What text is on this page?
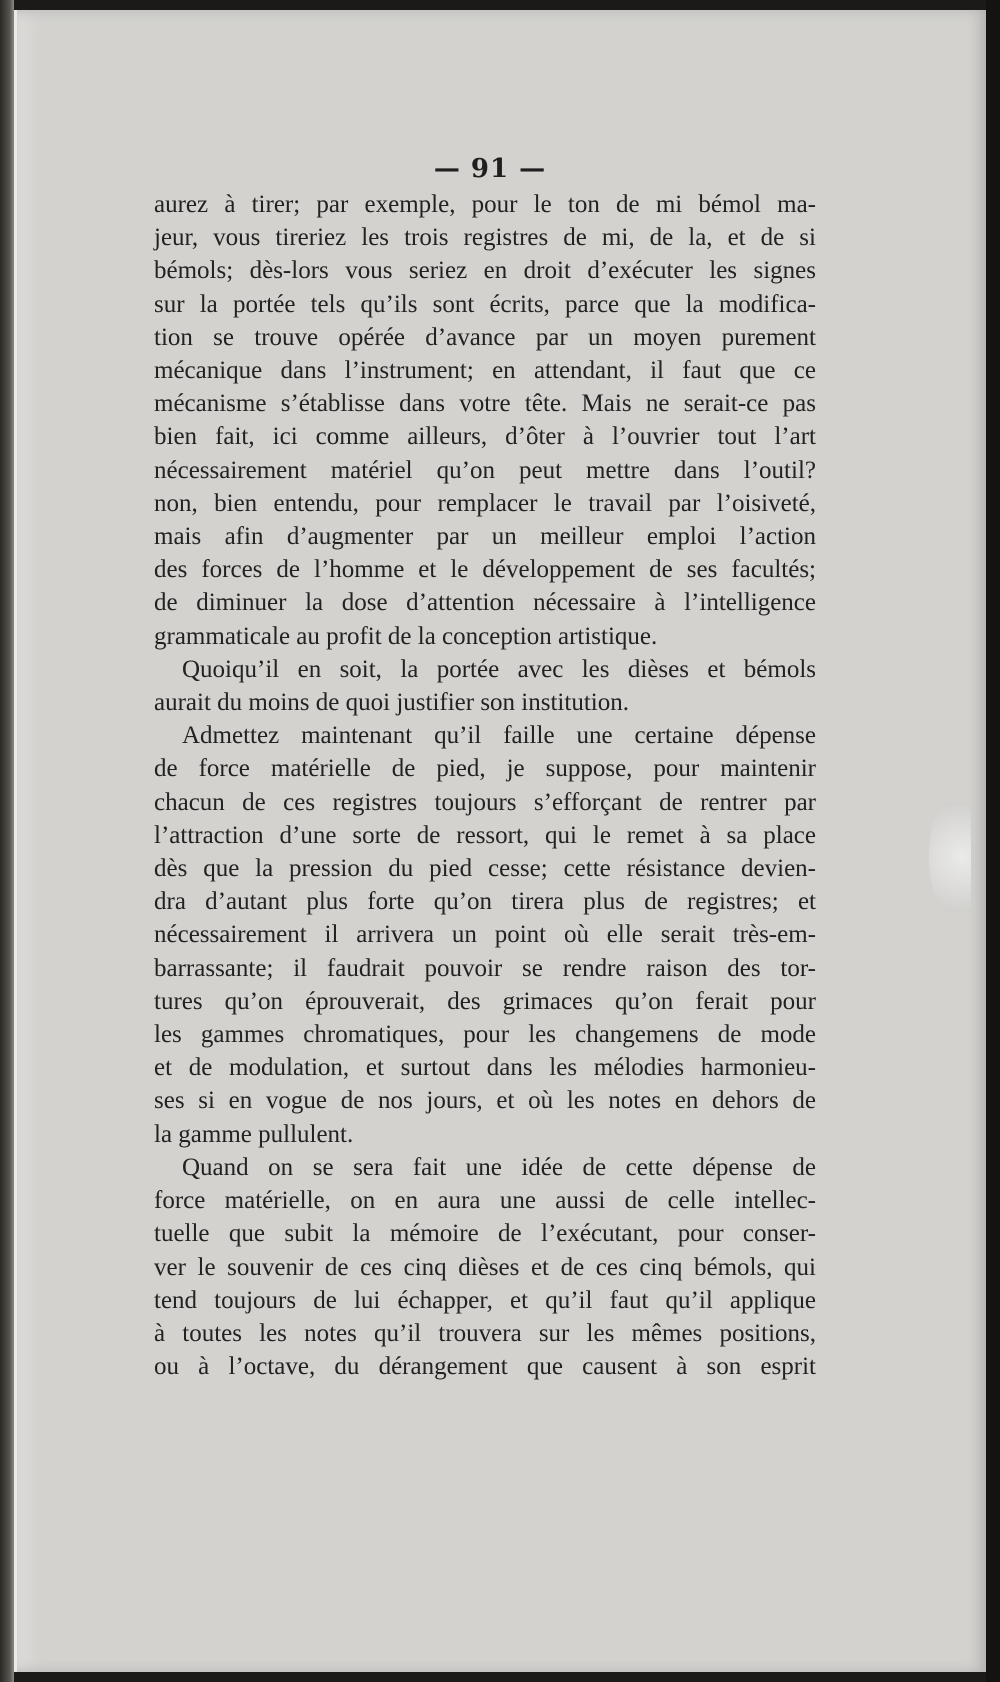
— 91 —
aurez à tirer; par exemple, pour le ton de mi bémol ma-
jeur, vous tireriez les trois registres de mi, de la, et de si
bémols; dès-lors vous seriez en droit d’exécuter les signes
sur la portée tels qu’ils sont écrits, parce que la modifica-
tion se trouve opérée d’avance par un moyen purement
mécanique dans l’instrument; en attendant, il faut que ce
mécanisme s’établisse dans votre tête. Mais ne serait-ce pas
bien fait, ici comme ailleurs, d’ôter à l’ouvrier tout l’art
nécessairement matériel qu’on peut mettre dans l’outil?
non, bien entendu, pour remplacer le travail par l’oisiveté,
mais afin d’augmenter par un meilleur emploi l’action
des forces de l’homme et le développement de ses facultés;
de diminuer la dose d’attention nécessaire à l’intelligence
grammaticale au profit de la conception artistique.
Quoiqu’il en soit, la portée avec les dièses et bémols
aurait du moins de quoi justifier son institution.
Admettez maintenant qu’il faille une certaine dépense
de force matérielle de pied, je suppose, pour maintenir
chacun de ces registres toujours s’efforçant de rentrer par
l’attraction d’une sorte de ressort, qui le remet à sa place
dès que la pression du pied cesse; cette résistance devien-
dra d’autant plus forte qu’on tirera plus de registres; et
nécessairement il arrivera un point où elle serait très-em-
barrassante; il faudrait pouvoir se rendre raison des tor-
tures qu’on éprouverait, des grimaces qu’on ferait pour
les gammes chromatiques, pour les changemens de mode
et de modulation, et surtout dans les mélodies harmonieu-
ses si en vogue de nos jours, et où les notes en dehors de
la gamme pullulent.
Quand on se sera fait une idée de cette dépense de
force matérielle, on en aura une aussi de celle intellec-
tuelle que subit la mémoire de l’exécutant, pour conser-
ver le souvenir de ces cinq dièses et de ces cinq bémols, qui
tend toujours de lui échapper, et qu’il faut qu’il applique
à toutes les notes qu’il trouvera sur les mêmes positions,
ou à l’octave, du dérangement que causent à son esprit
